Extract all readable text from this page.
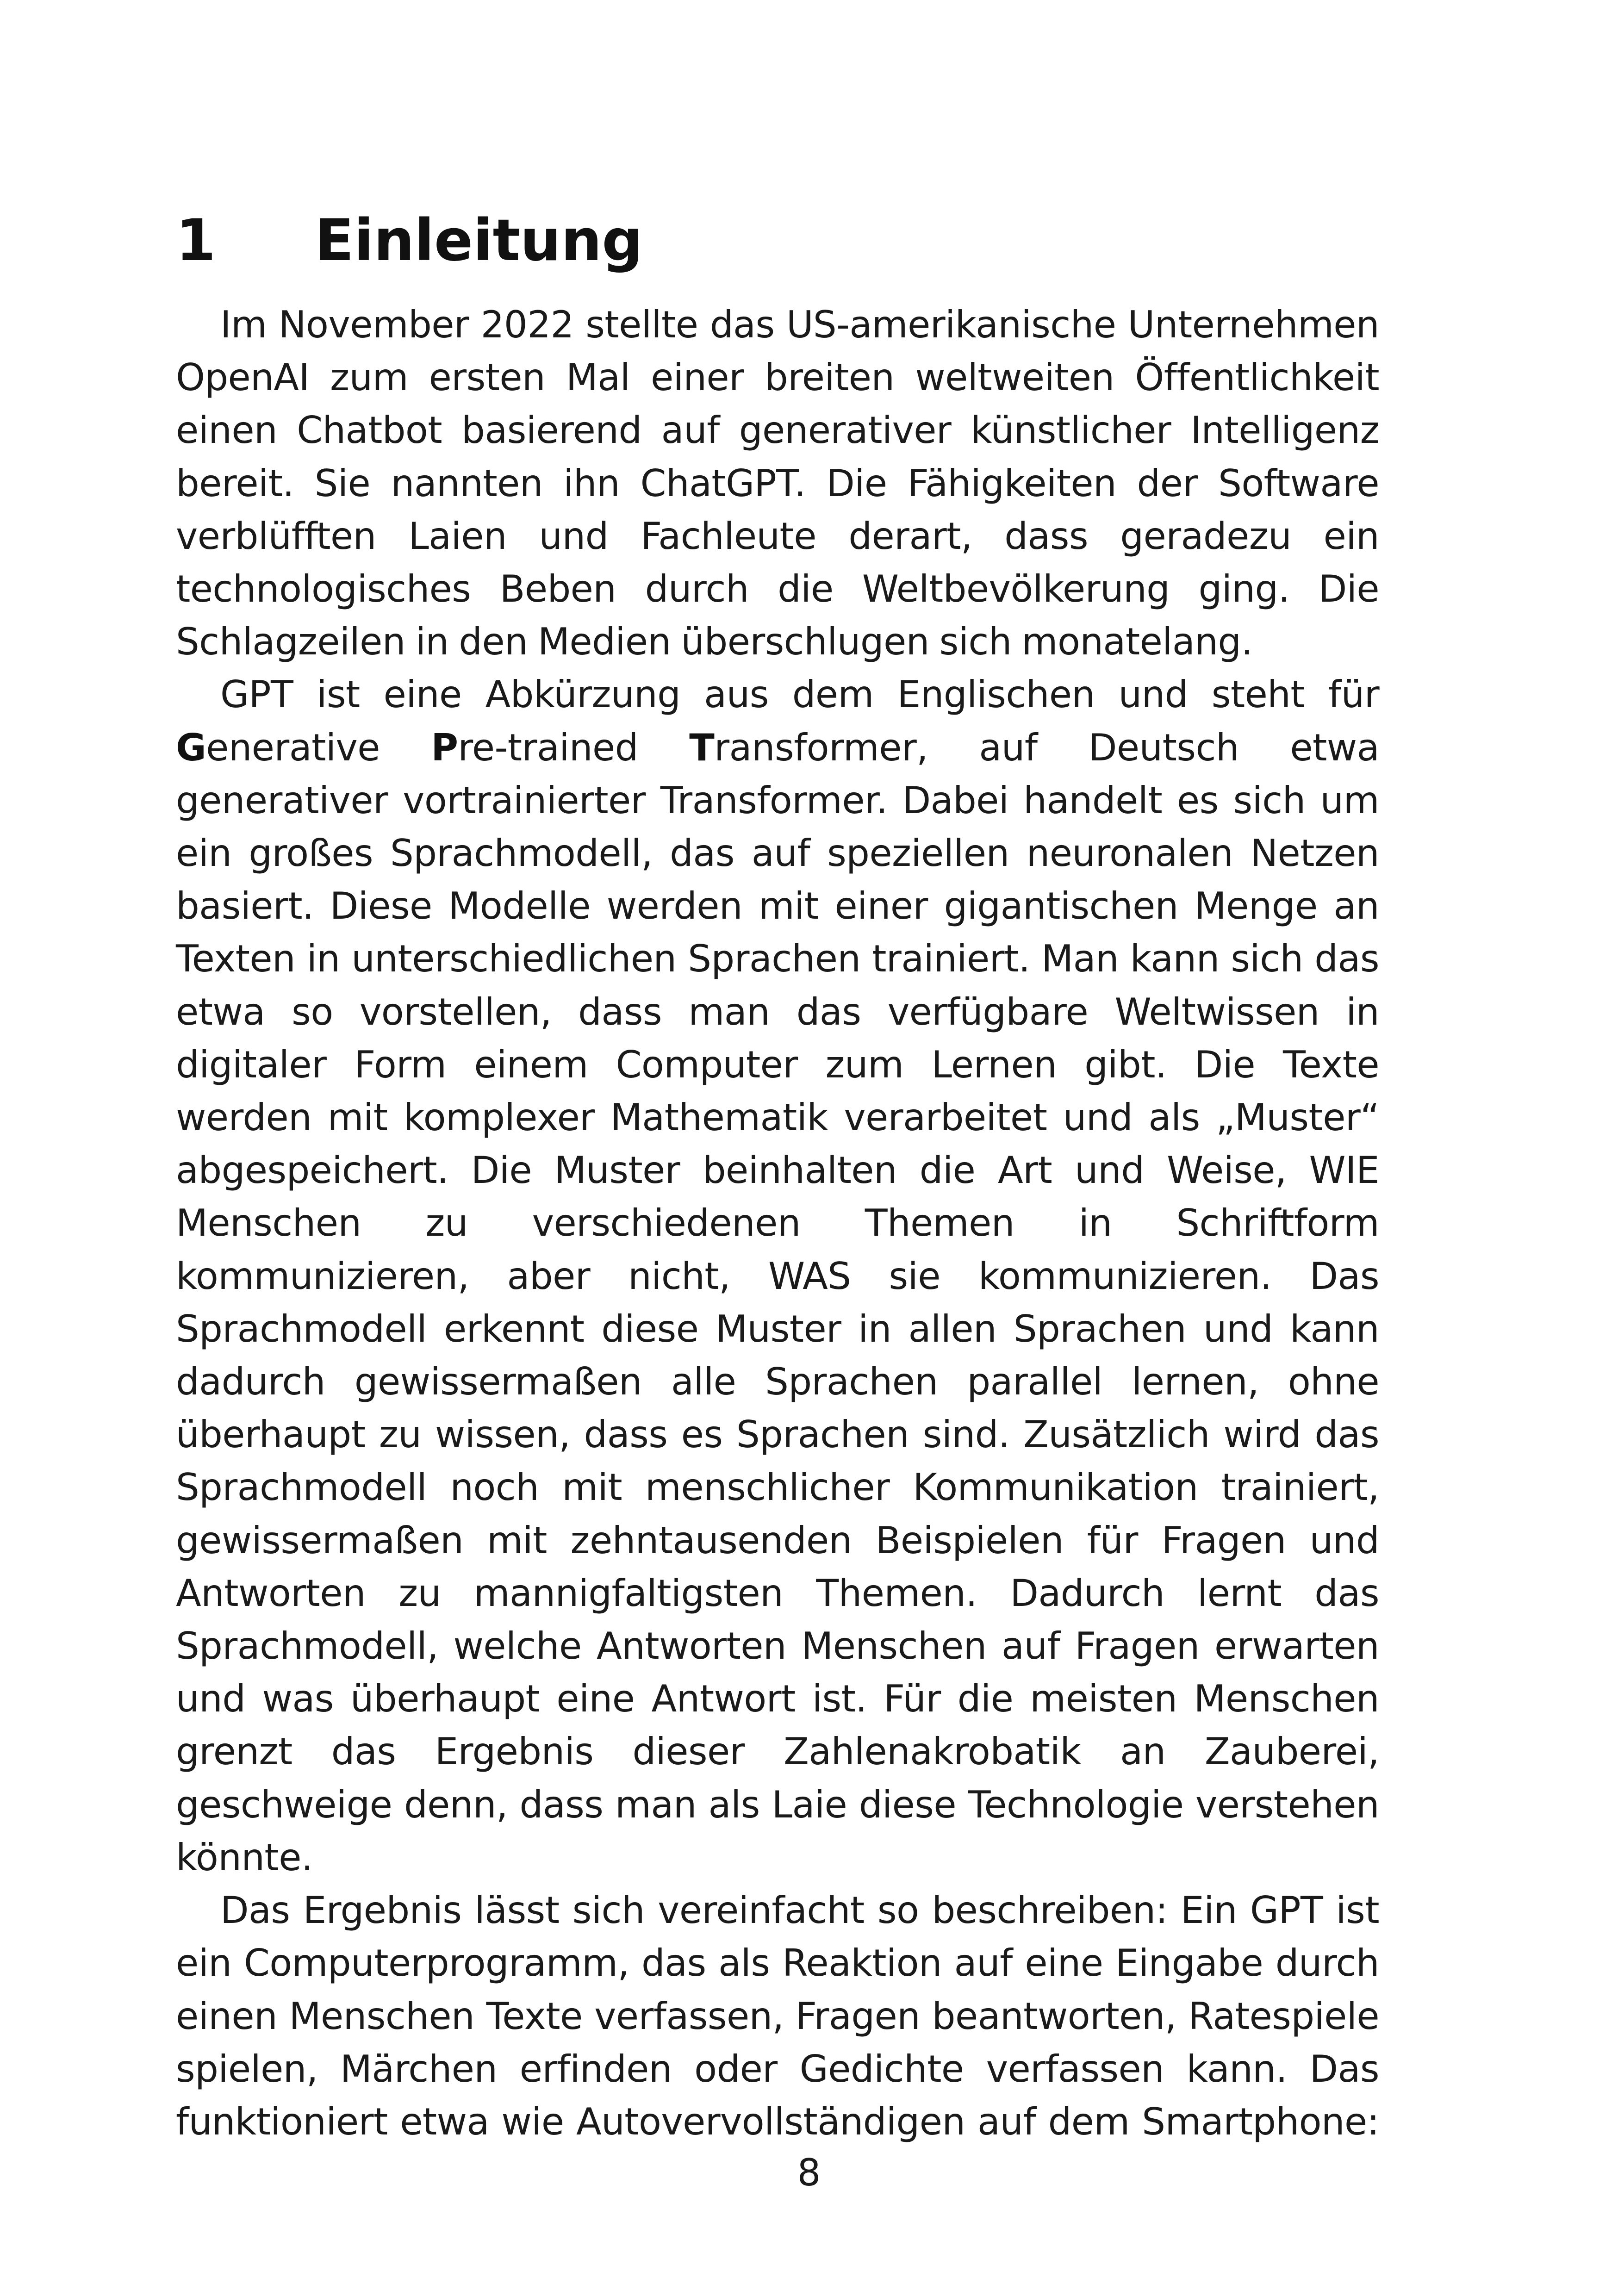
1 Einleitung

Im November 2022 stellte das US-amerikanische Unternehmen OpenAI zum ersten Mal einer breiten weltweiten Öffentlichkeit einen Chatbot basierend auf generativer künstlicher Intelligenz bereit. Sie nannten ihn ChatGPT. Die Fähigkeiten der Software verblüfften Laien und Fachleute derart, dass geradezu ein technologisches Beben durch die Weltbevölkerung ging. Die Schlagzeilen in den Medien überschlugen sich monatelang.

GPT ist eine Abkürzung aus dem Englischen und steht für Generative Pre-trained Transformer, auf Deutsch etwa generativer vortrainierter Transformer. Dabei handelt es sich um ein großes Sprachmodell, das auf speziellen neuronalen Netzen basiert. Diese Modelle werden mit einer gigantischen Menge an Texten in unterschiedlichen Sprachen trainiert. Man kann sich das etwa so vorstellen, dass man das verfügbare Weltwissen in digitaler Form einem Computer zum Lernen gibt. Die Texte werden mit komplexer Mathematik verarbeitet und als „Muster“ abgespeichert. Die Muster beinhalten die Art und Weise, WIE Menschen zu verschiedenen Themen in Schriftform kommunizieren, aber nicht, WAS sie kommunizieren. Das Sprachmodell erkennt diese Muster in allen Sprachen und kann dadurch gewissermaßen alle Sprachen parallel lernen, ohne überhaupt zu wissen, dass es Sprachen sind. Zusätzlich wird das Sprachmodell noch mit menschlicher Kommunikation trainiert, gewissermaßen mit zehntausenden Beispielen für Fragen und Antworten zu mannigfaltigsten Themen. Dadurch lernt das Sprachmodell, welche Antworten Menschen auf Fragen erwarten und was überhaupt eine Antwort ist. Für die meisten Menschen grenzt das Ergebnis dieser Zahlenakrobatik an Zauberei, geschweige denn, dass man als Laie diese Technologie verstehen könnte.

Das Ergebnis lässt sich vereinfacht so beschreiben: Ein GPT ist ein Computerprogramm, das als Reaktion auf eine Eingabe durch einen Menschen Texte verfassen, Fragen beantworten, Ratespiele spielen, Märchen erfinden oder Gedichte verfassen kann. Das funktioniert etwa wie Autovervollständigen auf dem Smartphone:

8
